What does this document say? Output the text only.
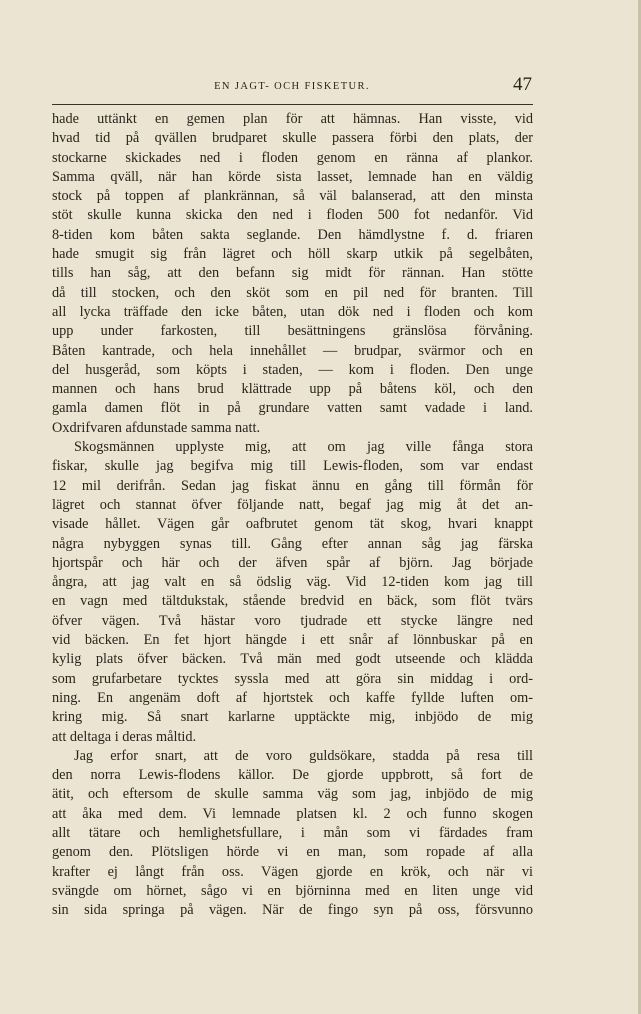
EN JAGT- OCH FISKETUR.	47
hade uttänkt en gemen plan för att hämnas. Han visste, vid
hvad tid på qvällen brudparet skulle passera förbi den plats, der
stockarne skickades ned i floden genom en ränna af plankor.
Samma qväll, när han körde sista lasset, lemnade han en väldig
stock på toppen af plankrännan, så väl balanserad, att den minsta
stöt skulle kunna skicka den ned i floden 500 fot nedanför. Vid
8-tiden kom båten sakta seglande. Den hämdlystne f. d. friaren
hade smugit sig från lägret och höll skarp utkik på segelbåten,
tills han såg, att den befann sig midt för rännan. Han stötte
då till stocken, och den sköt som en pil ned för branten. Till
all lycka träffade den icke båten, utan dök ned i floden och kom
upp under farkosten, till besättningens gränslösa förvåning.
Båten kantrade, och hela innehållet — brudpar, svärmor och en
del husgeråd, som köpts i staden, — kom i floden. Den unge
mannen och hans brud klättrade upp på båtens köl, och den
gamla damen flöt in på grundare vatten samt vadade i land.
Oxdrifvaren afdunstade samma natt.
Skogsmännen upplyste mig, att om jag ville fånga stora
fiskar, skulle jag begifva mig till Lewis-floden, som var endast
12 mil derifrån. Sedan jag fiskat ännu en gång till förmån för
lägret och stannat öfver följande natt, begaf jag mig åt det an-
visade hållet. Vägen går oafbrutet genom tät skog, hvari knappt
några nybyggen synas till. Gång efter annan såg jag färska
hjortspår och här och der äfven spår af björn. Jag började
ångra, att jag valt en så ödslig väg. Vid 12-tiden kom jag till
en vagn med tältdukstak, stående bredvid en bäck, som flöt tvärs
öfver vägen. Två hästar voro tjudrade ett stycke längre ned
vid bäcken. En fet hjort hängde i ett snår af lönnbuskar på en
kylig plats öfver bäcken. Två män med godt utseende och klädda
som grufarbetare tycktes syssla med att göra sin middag i ord-
ning. En angenäm doft af hjortstek och kaffe fyllde luften om-
kring mig. Så snart karlarne upptäckte mig, inbjödo de mig
att deltaga i deras måltid.
Jag erfor snart, att de voro guldsökare, stadda på resa till
den norra Lewis-flodens källor. De gjorde uppbrott, så fort de
ätit, och eftersom de skulle samma väg som jag, inbjödo de mig
att åka med dem. Vi lemnade platsen kl. 2 och funno skogen
allt tätare och hemlighetsfullare, i mån som vi färdades fram
genom den. Plötsligen hörde vi en man, som ropade af alla
krafter ej långt från oss. Vägen gjorde en krök, och när vi
svängde om hörnet, sågo vi en björninna med en liten unge vid
sin sida springa på vägen. När de fingo syn på oss, försvunno
